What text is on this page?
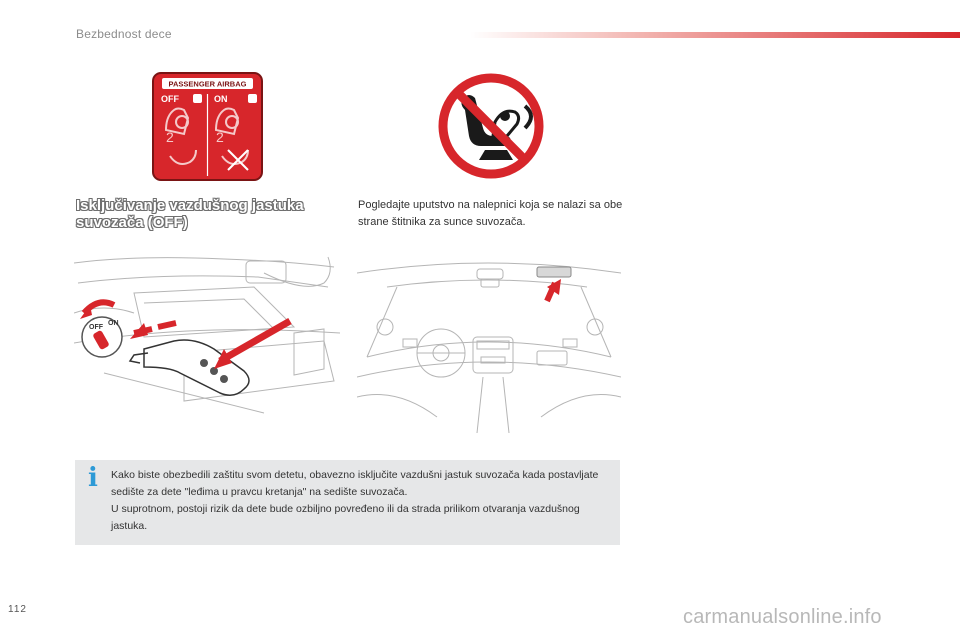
Bezbednost dece
PASSENGER AIRBAG
OFF	ON
2	2
Isključivanje vazdušnog jastuka
suvozača (OFF)
Pogledajte uputstvo na nalepnici koja se nalazi sa obe strane štitnika za sunce suvozača.
OFF
ON
i Kako biste obezbedili zaštitu svom detetu, obavezno isključite vazdušni jastuk suvozača kada postavljate sedište za dete "leđima u pravcu kretanja" na sedište suvozača.

U suprotnom, postoji rizik da dete bude ozbiljno povređeno ili da strada prilikom otvaranja vazdušnog jastuka.

112	carmanualsonline.info
